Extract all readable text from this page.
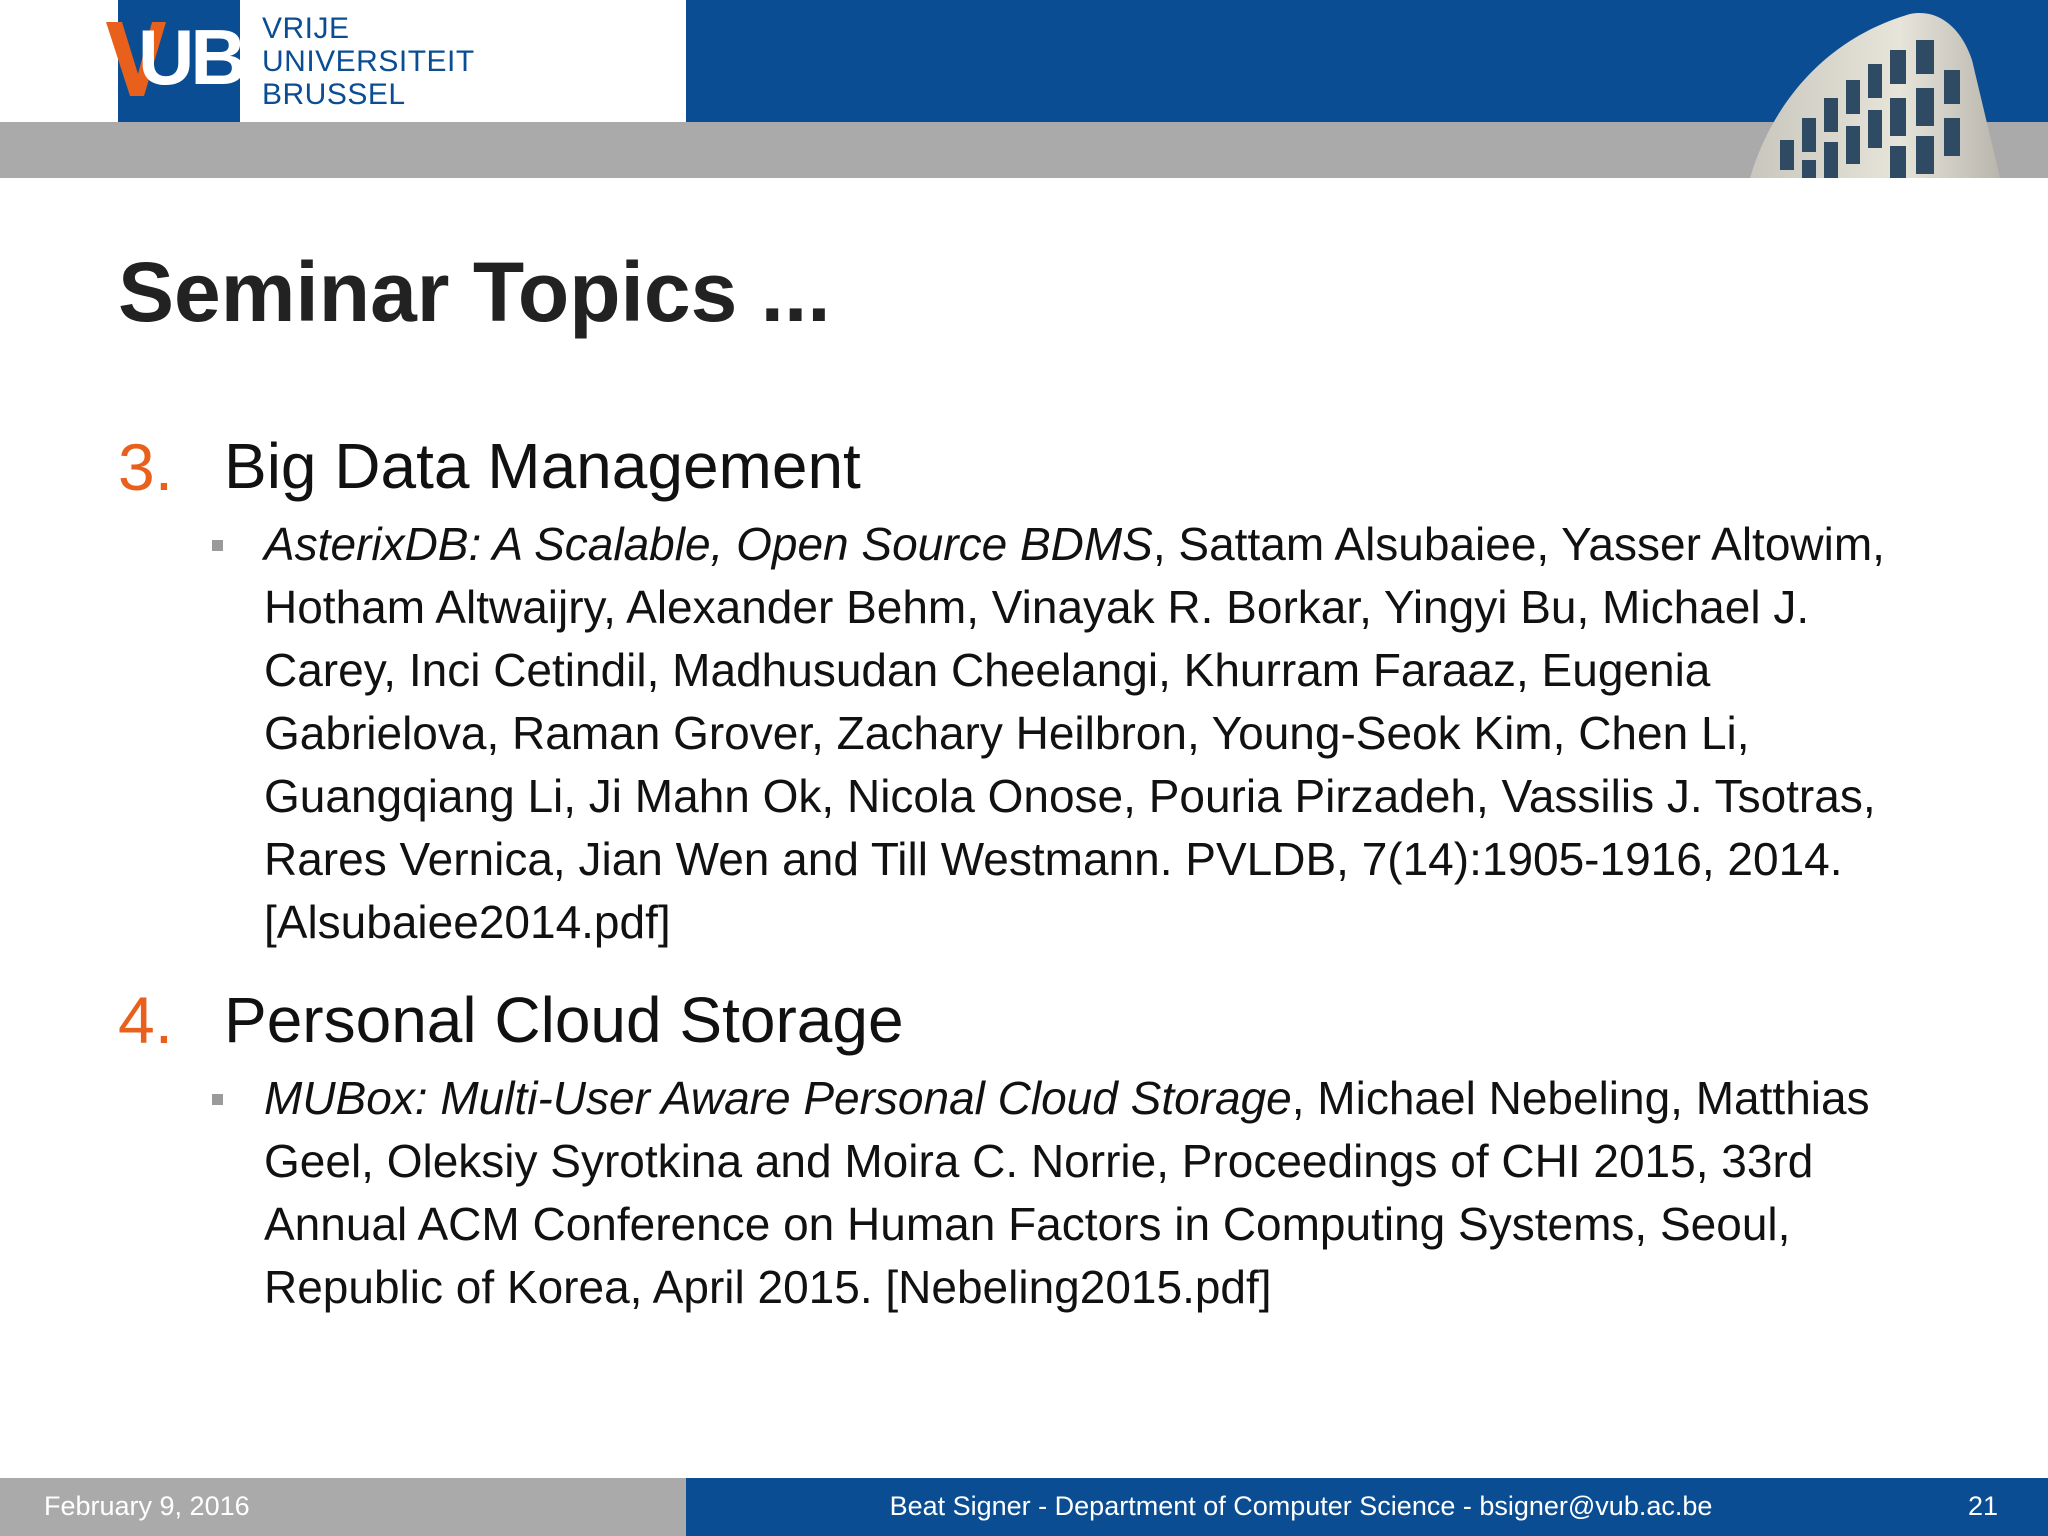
UB VRIJE
UNIVERSITEIT
BRUSSEL
Seminar Topics ...
3. Big Data Management
AsterixDB: A Scalable, Open Source BDMS, Sattam Alsubaiee, Yasser Altowim, Hotham Altwaijry, Alexander Behm, Vinayak R. Borkar, Yingyi Bu, Michael J. Carey, Inci Cetindil, Madhusudan Cheelangi, Khurram Faraaz, Eugenia Gabrielova, Raman Grover, Zachary Heilbron, Young-Seok Kim, Chen Li, Guangqiang Li, Ji Mahn Ok, Nicola Onose, Pouria Pirzadeh, Vassilis J. Tsotras, Rares Vernica, Jian Wen and Till Westmann. PVLDB, 7(14):1905-1916, 2014. [Alsubaiee2014.pdf]
4. Personal Cloud Storage
MUBox: Multi-User Aware Personal Cloud Storage, Michael Nebeling, Matthias Geel, Oleksiy Syrotkina and Moira C. Norrie, Proceedings of CHI 2015, 33rd Annual ACM Conference on Human Factors in Computing Systems, Seoul, Republic of Korea, April 2015. [Nebeling2015.pdf]
February 9, 2016	Beat Signer - Department of Computer Science - bsigner@vub.ac.be	21
